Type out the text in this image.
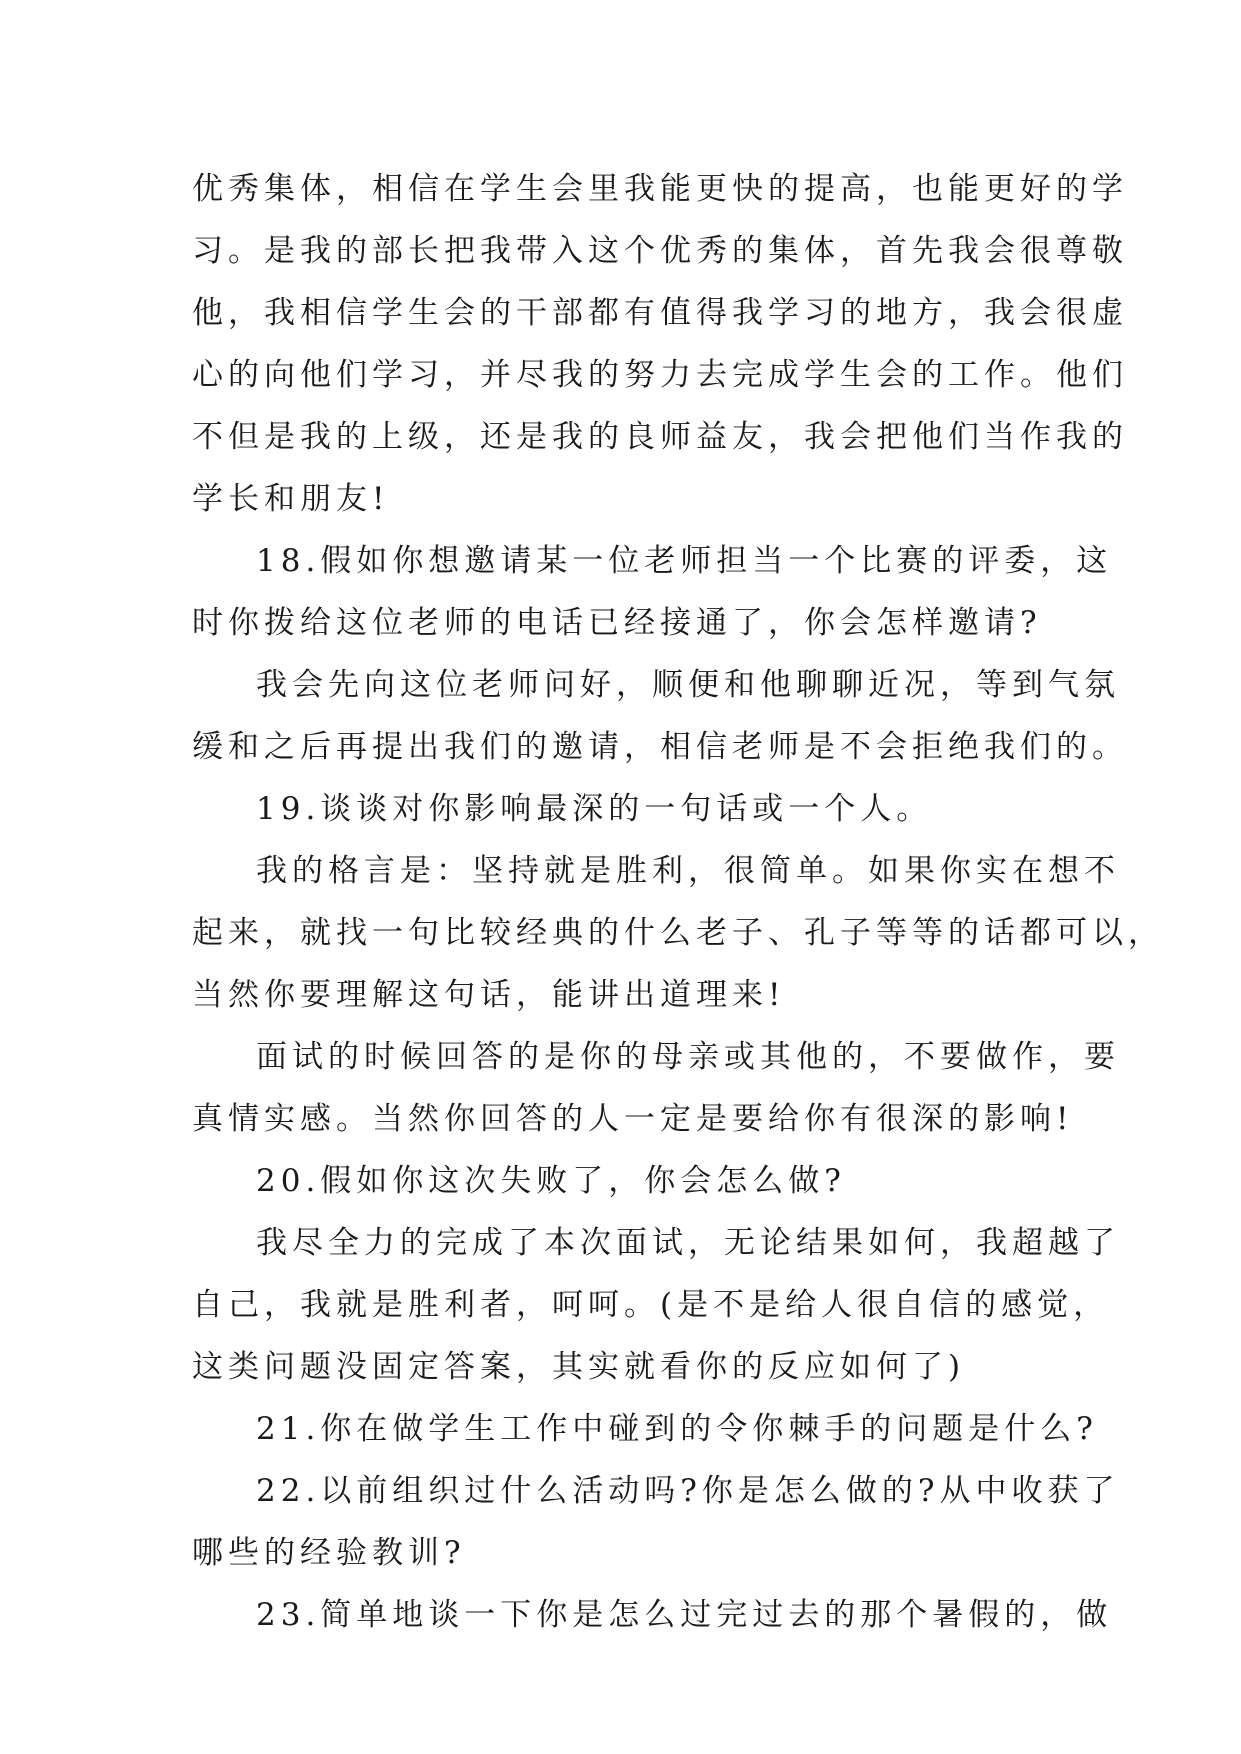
优秀集体，相信在学生会里我能更快的提高，也能更好的学
习。是我的部长把我带入这个优秀的集体，首先我会很尊敬
他，我相信学生会的干部都有值得我学习的地方，我会很虚
心的向他们学习，并尽我的努力去完成学生会的工作。他们
不但是我的上级，还是我的良师益友，我会把他们当作我的
学长和朋友!
18.假如你想邀请某一位老师担当一个比赛的评委，这
时你拨给这位老师的电话已经接通了，你会怎样邀请?
我会先向这位老师问好，顺便和他聊聊近况，等到气氛
缓和之后再提出我们的邀请，相信老师是不会拒绝我们的。
19.谈谈对你影响最深的一句话或一个人。
我的格言是：坚持就是胜利，很简单。如果你实在想不
起来，就找一句比较经典的什么老子、孔子等等的话都可以，
当然你要理解这句话，能讲出道理来!
面试的时候回答的是你的母亲或其他的，不要做作，要
真情实感。当然你回答的人一定是要给你有很深的影响!
20.假如你这次失败了，你会怎么做?
我尽全力的完成了本次面试，无论结果如何，我超越了
自己，我就是胜利者，呵呵。(是不是给人很自信的感觉，
这类问题没固定答案，其实就看你的反应如何了)
21.你在做学生工作中碰到的令你棘手的问题是什么?
22.以前组织过什么活动吗?你是怎么做的?从中收获了
哪些的经验教训?
23.简单地谈一下你是怎么过完过去的那个暑假的，做
